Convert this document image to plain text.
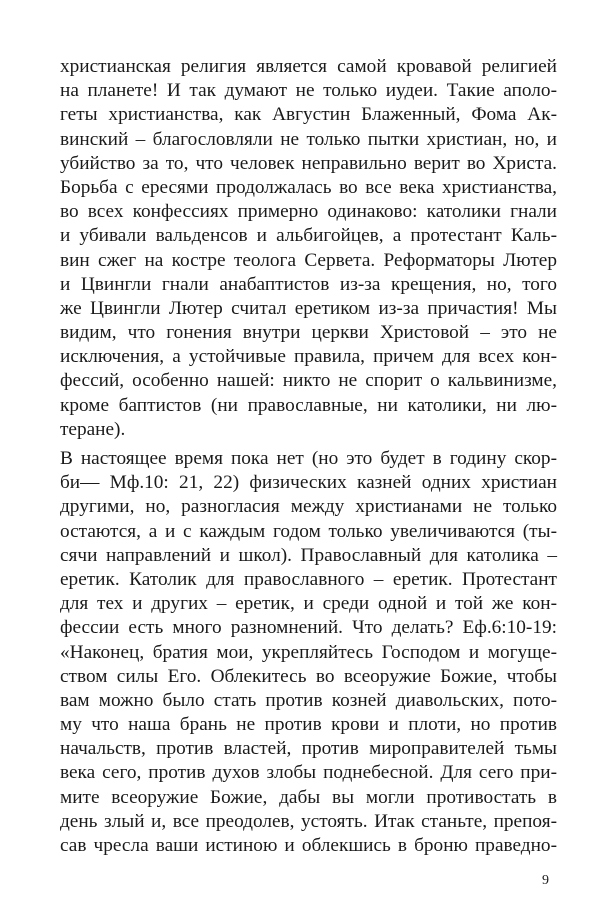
христианская религия является самой кровавой религией
на планете! И так думают не только иудеи. Такие аполо-
геты христианства, как Августин Блаженный, Фома Ак-
винский – благословляли не только пытки христиан, но, и
убийство за то, что человек неправильно верит во Христа.
Борьба с ересями продолжалась во все века христианства,
во всех конфессиях примерно одинаково: католики гнали
и убивали вальденсов и альбигойцев, а протестант Каль-
вин сжег на костре теолога Сервета. Реформаторы Лютер
и Цвингли гнали анабаптистов из-за крещения, но, того
же Цвингли Лютер считал еретиком из-за причастия! Мы
видим, что гонения внутри церкви Христовой – это не
исключения, а устойчивые правила, причем для всех кон-
фессий, особенно нашей: никто не спорит о кальвинизме,
кроме баптистов (ни православные, ни католики, ни лю-
теране).
В настоящее время пока нет (но это будет в годину скор-
би— Мф.10: 21, 22) физических казней одних христиан
другими, но, разногласия между христианами не только
остаются, а и с каждым годом только увеличиваются (ты-
сячи направлений и школ). Православный для католика –
еретик. Католик для православного – еретик. Протестант
для тех и других – еретик, и среди одной и той же кон-
фессии есть много разномнений. Что делать? Еф.6:10-19:
«Наконец, братия мои, укрепляйтесь Господом и могуще-
ством силы Его. Облекитесь во всеоружие Божие, чтобы
вам можно было стать против козней диавольских, пото-
му что наша брань не против крови и плоти, но против
начальств, против властей, против мироправителей тьмы
века сего, против духов злобы поднебесной. Для сего при-
мите всеоружие Божие, дабы вы могли противостать в
день злый и, все преодолев, устоять. Итак станьте, препоя-
сав чресла ваши истиною и облекшись в броню праведно-
9
